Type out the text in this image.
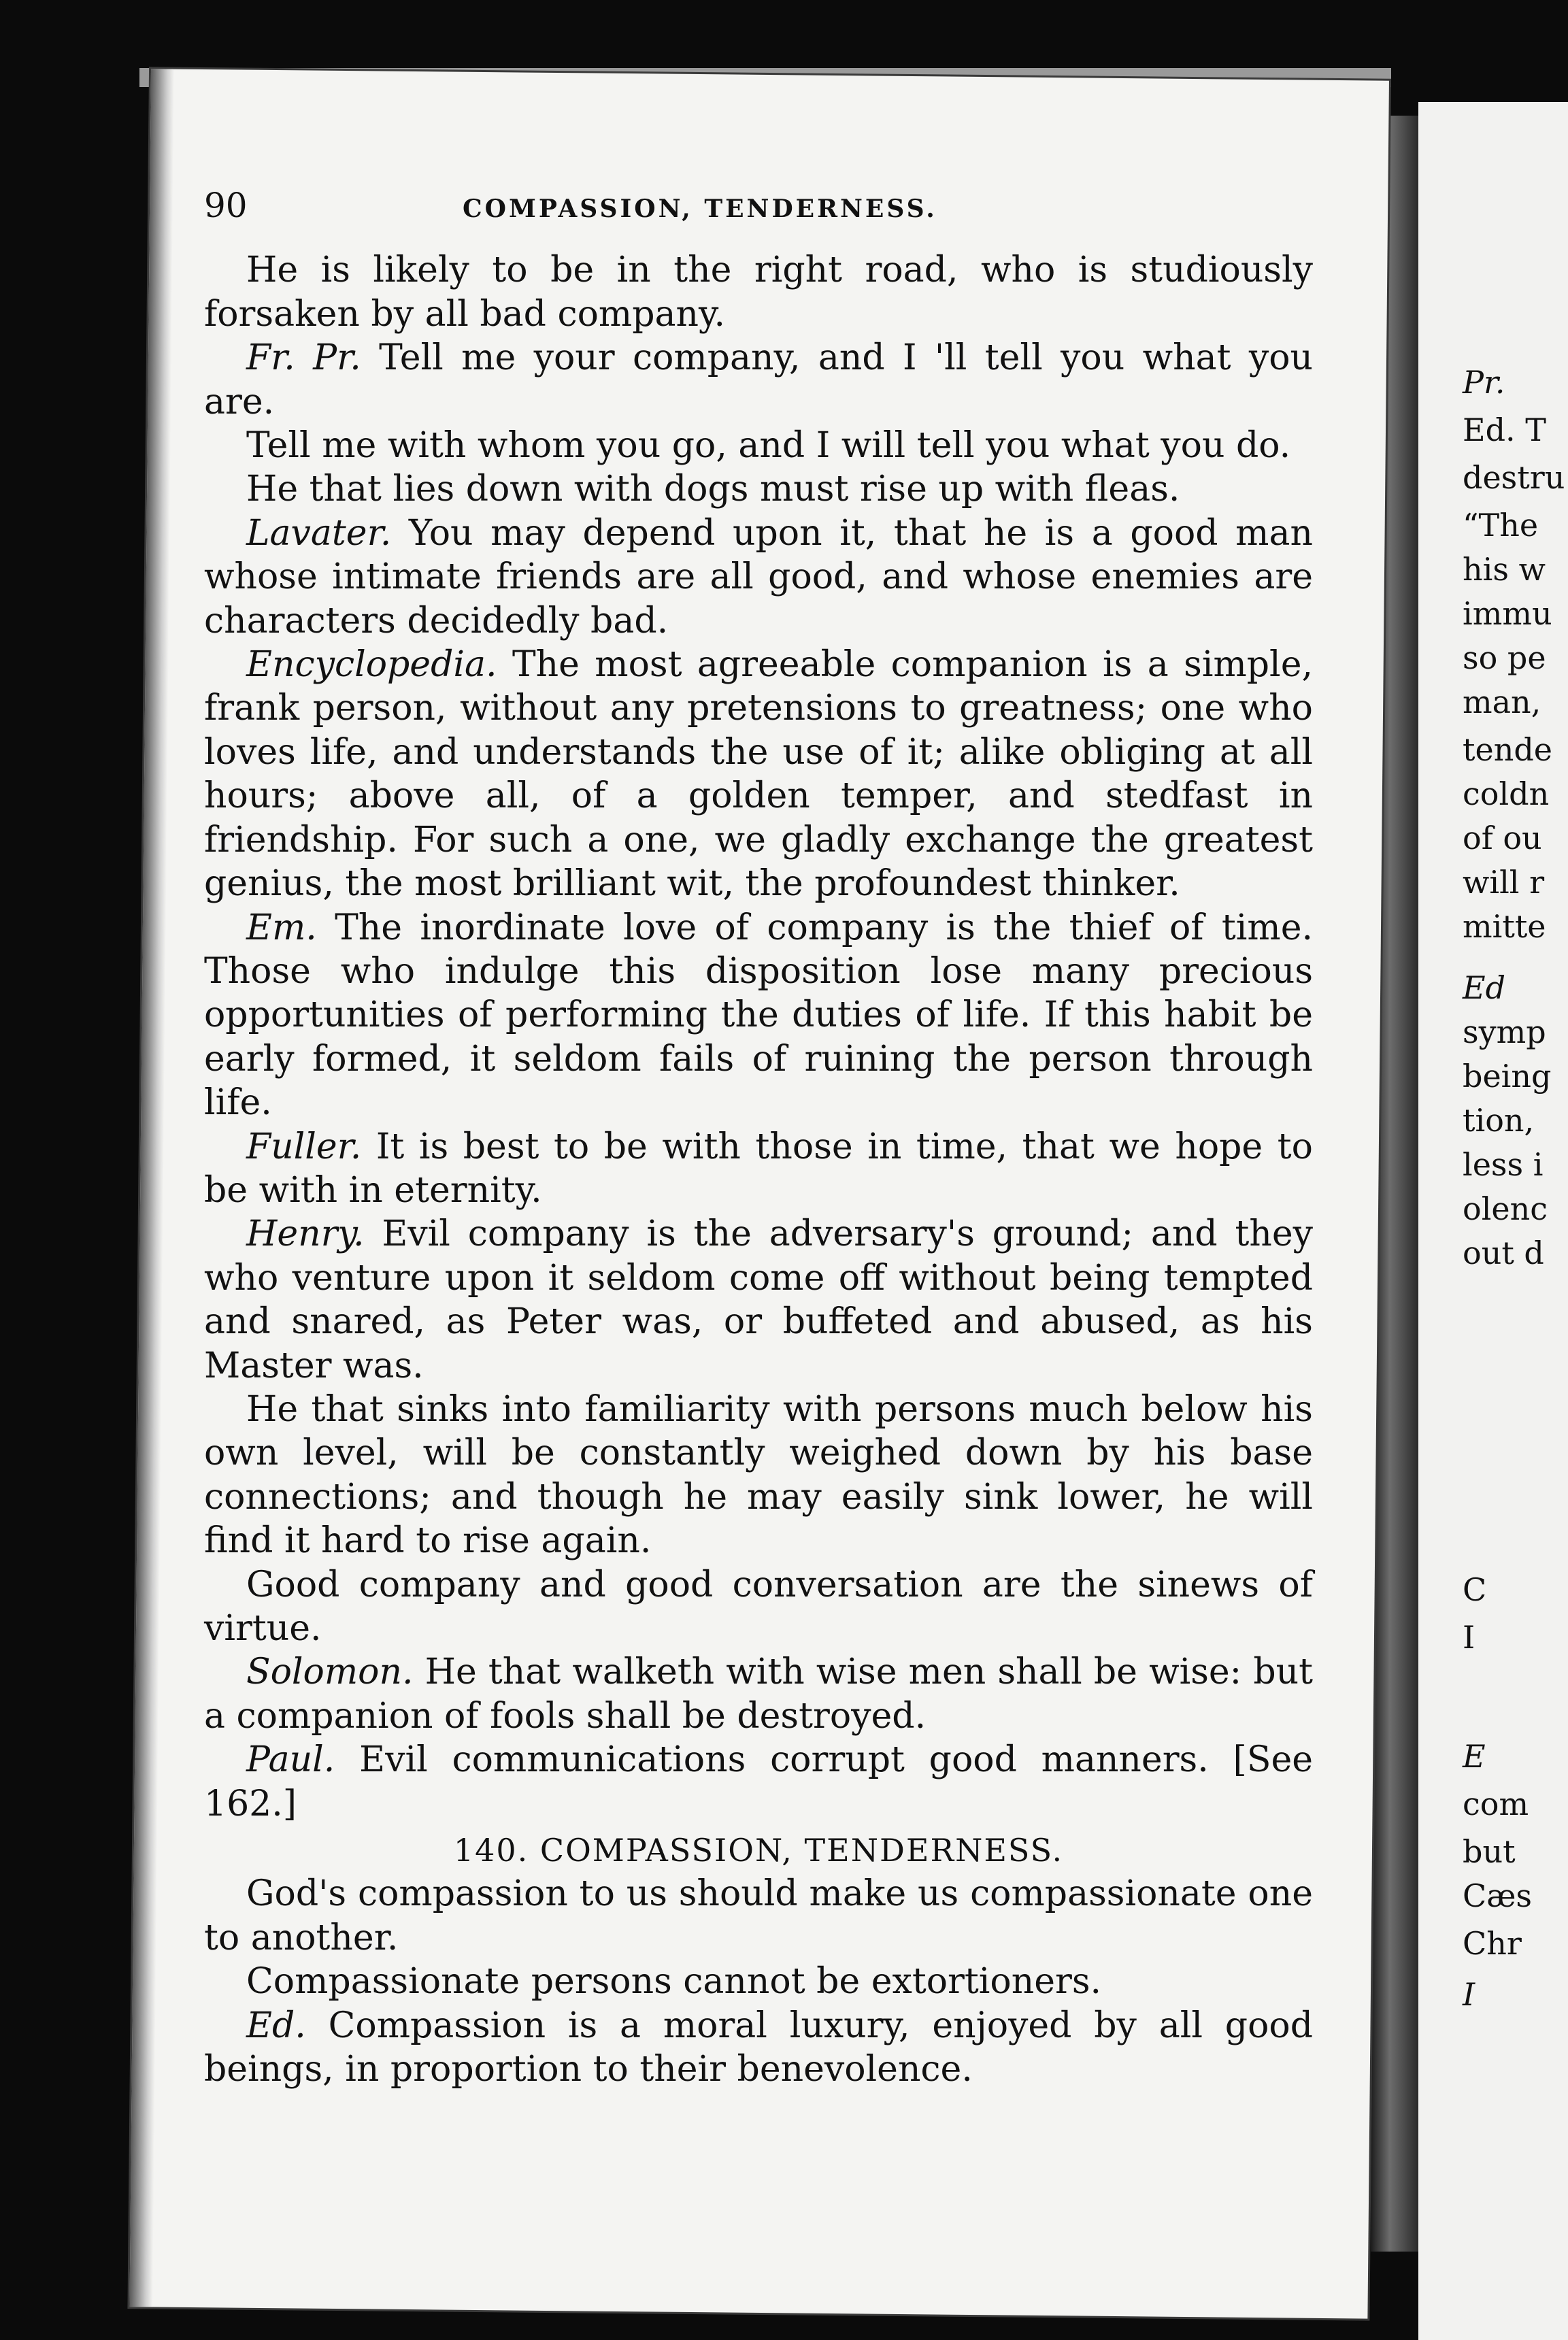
90	COMPASSION, TENDERNESS.

He is likely to be in the right road, who is studiously forsaken by all bad company.

Fr. Pr. Tell me your company, and I 'll tell you what you are.

Tell me with whom you go, and I will tell you what you do.

He that lies down with dogs must rise up with fleas.

Lavater. You may depend upon it, that he is a good man whose intimate friends are all good, and whose enemies are characters decidedly bad.

Encyclopedia. The most agreeable companion is a simple, frank person, without any pretensions to greatness; one who loves life, and understands the use of it; alike obliging at all hours; above all, of a golden temper, and stedfast in friendship. For such a one, we gladly exchange the greatest genius, the most brilliant wit, the profoundest thinker.

Em. The inordinate love of company is the thief of time. Those who indulge this disposition lose many precious opportunities of performing the duties of life. If this habit be early formed, it seldom fails of ruining the person through life.

Fuller. It is best to be with those in time, that we hope to be with in eternity.

Henry. Evil company is the adversary's ground; and they who venture upon it seldom come off without being tempted and snared, as Peter was, or buffeted and abused, as his Master was.

He that sinks into familiarity with persons much below his own level, will be constantly weighed down by his base connections; and though he may easily sink lower, he will find it hard to rise again.

Good company and good conversation are the sinews of virtue.

Solomon. He that walketh with wise men shall be wise: but a companion of fools shall be destroyed.

Paul. Evil communications corrupt good manners. [See 162.]

140. COMPASSION, TENDERNESS.

God's compassion to us should make us compassionate one to another.

Compassionate persons cannot be extortioners.

Ed. Compassion is a moral luxury, enjoyed by all good beings, in proportion to their benevolence.

Pr.
Ed. T
destru
“The
his w
immu
so pe
man,
tende
coldn
of ou
will r
mitte
Ed
symp
being
tion,
less i
olenc
out d
C
I
E
com
but
Cæs
Chr
I
